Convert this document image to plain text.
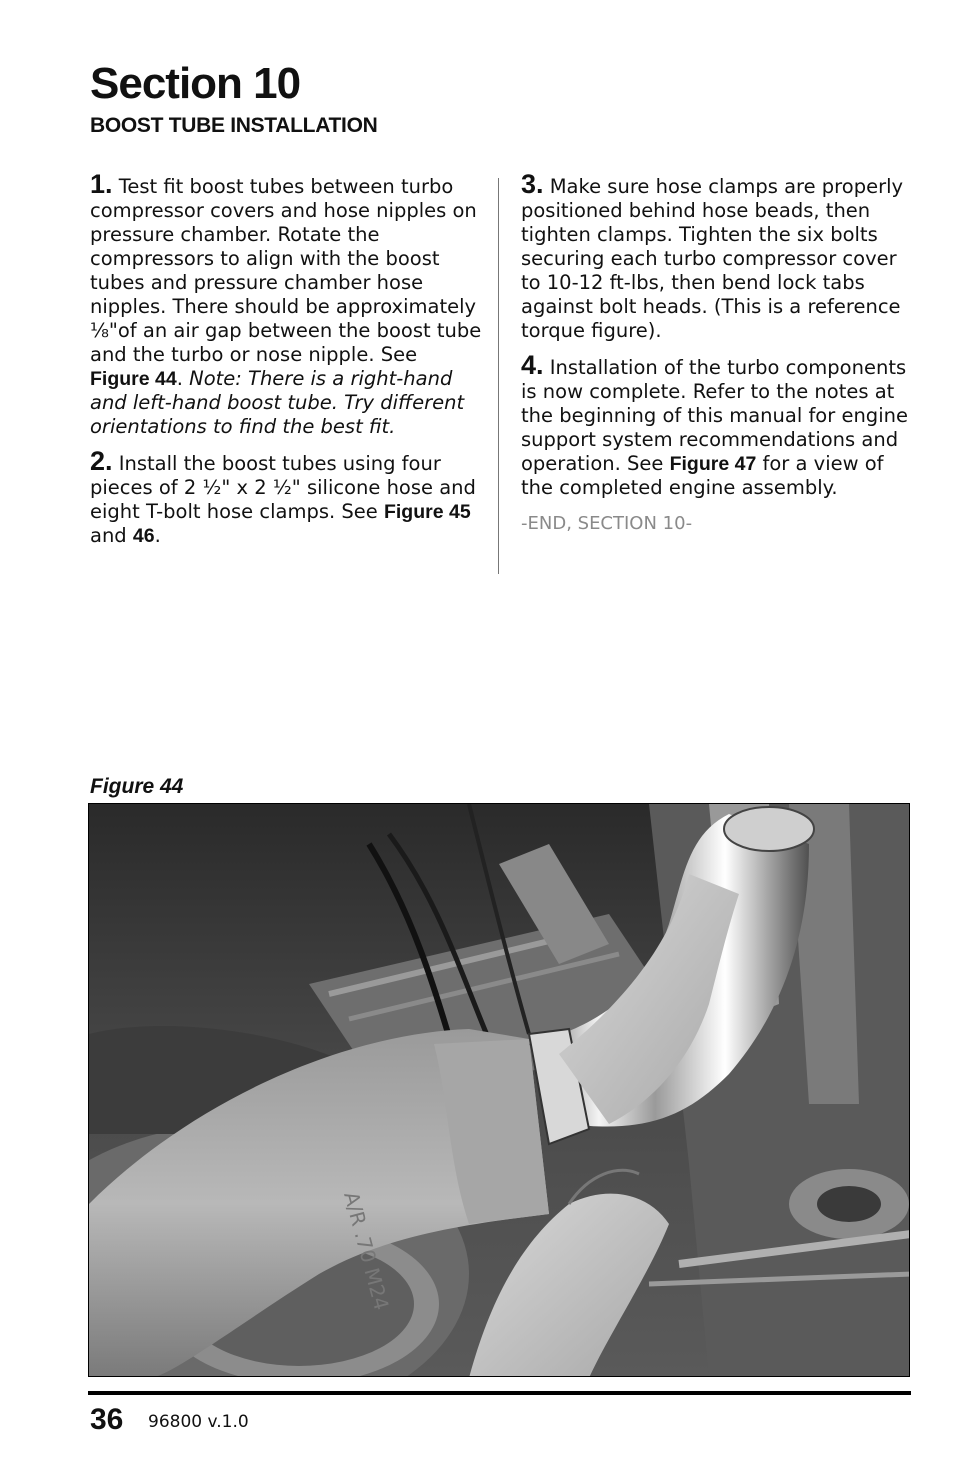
Section 10
BOOST TUBE INSTALLATION

1. Test fit boost tubes between turbo compressor covers and hose nipples on pressure chamber. Rotate the compressors to align with the boost tubes and pressure chamber hose nipples. There should be approximately ⅛"of an air gap between the boost tube and the turbo or nose nipple. See Figure 44. Note: There is a right-hand and left-hand boost tube. Try different orientations to find the best fit.

2. Install the boost tubes using four pieces of 2 ½" x 2 ½" silicone hose and eight T-bolt hose clamps. See Figure 45 and 46.

3. Make sure hose clamps are properly positioned behind hose beads, then tighten clamps. Tighten the six bolts securing each turbo compressor cover to 10-12 ft-lbs, then bend lock tabs against bolt heads. (This is a reference torque figure).

4. Installation of the turbo components is now complete. Refer to the notes at the beginning of this manual for engine support system recommendations and operation. See Figure 47 for a view of the completed engine assembly.

-END, SECTION 10-
Figure 44
A/R .70 M24
36 96800 v.1.0
